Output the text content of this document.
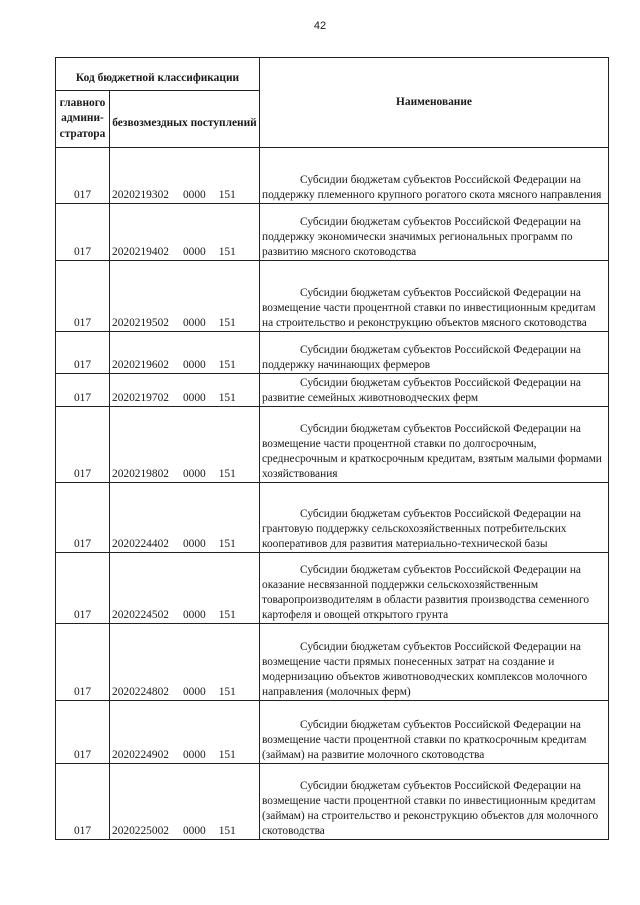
42
Код бюджетной классификации		Наименование
главного админи-стратора	безвозмездных поступлений	
017	2020219302 0000 151	Субсидии бюджетам субъектов Российской Федерации на поддержку племенного крупного рогатого скота мясного направления
017	2020219402 0000 151	Субсидии бюджетам субъектов Российской Федерации на поддержку экономически значимых региональных программ по развитию мясного скотоводства
017	2020219502 0000 151	Субсидии бюджетам субъектов Российской Федерации на возмещение части процентной ставки по инвестиционным кредитам на строительство и реконструкцию объектов мясного скотоводства
017	2020219602 0000 151	Субсидии бюджетам субъектов Российской Федерации на поддержку начинающих фермеров
017	2020219702 0000 151	Субсидии бюджетам субъектов Российской Федерации на развитие семейных животноводческих ферм
017	2020219802 0000 151	Субсидии бюджетам субъектов Российской Федерации на возмещение части процентной ставки по долгосрочным, среднесрочным и краткосрочным кредитам, взятым малыми формами хозяйствования
017	2020224402 0000 151	Субсидии бюджетам субъектов Российской Федерации на грантовую поддержку сельскохозяйственных потребительских кооперативов для развития материально-технической базы
017	2020224502 0000 151	Субсидии бюджетам субъектов Российской Федерации на оказание несвязанной поддержки сельскохозяйственным товаропроизводителям в области развития производства семенного картофеля и овощей открытого грунта
017	2020224802 0000 151	Субсидии бюджетам субъектов Российской Федерации на возмещение части прямых понесенных затрат на создание и модернизацию объектов животноводческих комплексов молочного направления (молочных ферм)
017	2020224902 0000 151	Субсидии бюджетам субъектов Российской Федерации на возмещение части процентной ставки по краткосрочным кредитам (займам) на развитие молочного скотоводства
017	2020225002 0000 151	Субсидии бюджетам субъектов Российской Федерации на возмещение части процентной ставки по инвестиционным кредитам (займам) на строительство и реконструкцию объектов для молочного скотоводства
